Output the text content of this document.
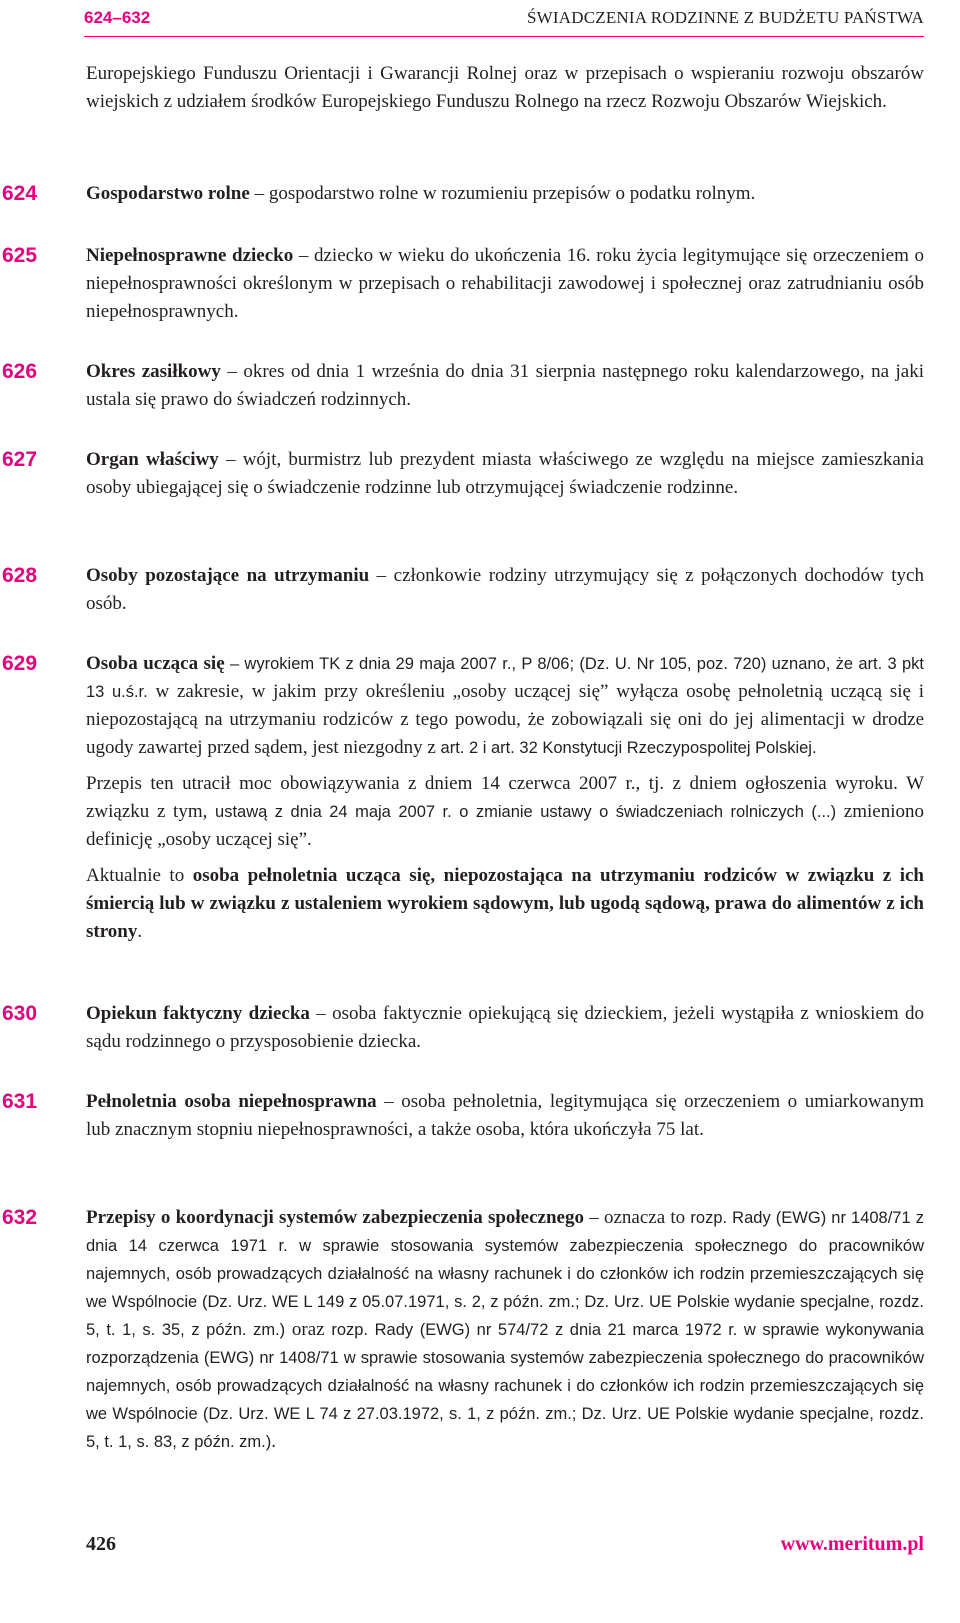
624–632	ŚWIADCZENIA RODZINNE Z BUDŻETU PAŃSTWA
Europejskiego Funduszu Orientacji i Gwarancji Rolnej oraz w przepisach o wspieraniu rozwoju obszarów wiejskich z udziałem środków Europejskiego Funduszu Rolnego na rzecz Rozwoju Obszarów Wiejskich.
624	Gospodarstwo rolne – gospodarstwo rolne w rozumieniu przepisów o podatku rolnym.
625	Niepełnosprawne dziecko – dziecko w wieku do ukończenia 16. roku życia legitymujące się orzeczeniem o niepełnosprawności określonym w przepisach o rehabilitacji zawodowej i społecznej oraz zatrudnianiu osób niepełnosprawnych.
626	Okres zasiłkowy – okres od dnia 1 września do dnia 31 sierpnia następnego roku kalendarzowego, na jaki ustala się prawo do świadczeń rodzinnych.
627	Organ właściwy – wójt, burmistrz lub prezydent miasta właściwego ze względu na miejsce zamieszkania osoby ubiegającej się o świadczenie rodzinne lub otrzymującej świadczenie rodzinne.
628	Osoby pozostające na utrzymaniu – członkowie rodziny utrzymujący się z połączonych dochodów tych osób.
629	Osoba ucząca się – wyrokiem TK z dnia 29 maja 2007 r., P 8/06; (Dz. U. Nr 105, poz. 720) uznano, że art. 3 pkt 13 u.ś.r. w zakresie, w jakim przy określeniu „osoby uczącej się” wyłącza osobę pełnoletnią uczącą się i niepozostającą na utrzymaniu rodziców z tego powodu, że zobowiązali się oni do jej alimentacji w drodze ugody zawartej przed sądem, jest niezgodny z art. 2 i art. 32 Konstytucji Rzeczypospolitej Polskiej.

Przepis ten utracił moc obowiązywania z dniem 14 czerwca 2007 r., tj. z dniem ogłoszenia wyroku. W związku z tym, ustawą z dnia 24 maja 2007 r. o zmianie ustawy o świadczeniach rolniczych (...) zmieniono definicję „osoby uczącej się”.

Aktualnie to osoba pełnoletnia ucząca się, niepozostająca na utrzymaniu rodziców w związku z ich śmiercią lub w związku z ustaleniem wyrokiem sądowym, lub ugodą sądową, prawa do alimentów z ich strony.

630	Opiekun faktyczny dziecka – osoba faktycznie opiekującą się dzieckiem, jeżeli wystąpiła z wnioskiem do sądu rodzinnego o przysposobienie dziecka.
631	Pełnoletnia osoba niepełnosprawna – osoba pełnoletnia, legitymująca się orzeczeniem o umiarkowanym lub znacznym stopniu niepełnosprawności, a także osoba, która ukończyła 75 lat.
632	Przepisy o koordynacji systemów zabezpieczenia społecznego – oznacza to rozp. Rady (EWG) nr 1408/71 z dnia 14 czerwca 1971 r. w sprawie stosowania systemów zabezpieczenia społecznego do pracowników najemnych, osób prowadzących działalność na własny rachunek i do członków ich rodzin przemieszczających się we Wspólnocie (Dz. Urz. WE L 149 z 05.07.1971, s. 2, z późn. zm.; Dz. Urz. UE Polskie wydanie specjalne, rozdz. 5, t. 1, s. 35, z późn. zm.) oraz rozp. Rady (EWG) nr 574/72 z dnia 21 marca 1972 r. w sprawie wykonywania rozporządzenia (EWG) nr 1408/71 w sprawie stosowania systemów zabezpieczenia społecznego do pracowników najemnych, osób prowadzących działalność na własny rachunek i do członków ich rodzin przemieszczających się we Wspólnocie (Dz. Urz. WE L 74 z 27.03.1972, s. 1, z późn. zm.; Dz. Urz. UE Polskie wydanie specjalne, rozdz. 5, t. 1, s. 83, z późn. zm.).
426	www.meritum.pl
